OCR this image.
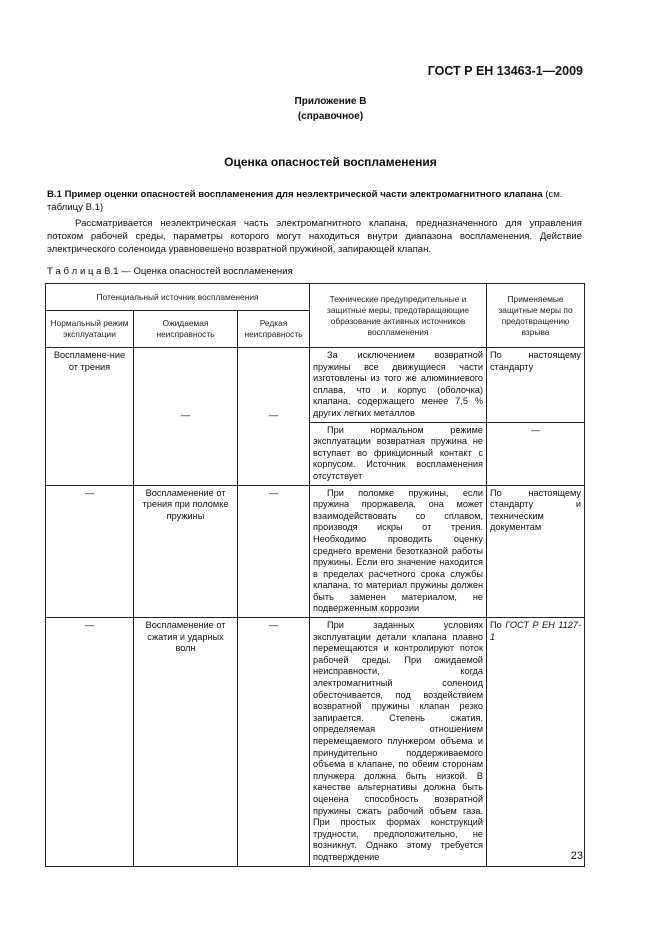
ГОСТ Р ЕН 13463-1—2009
Приложение В
(справочное)
Оценка опасностей воспламенения
В.1 Пример оценки опасностей воспламенения для неэлектрической части электромагнитного клапана (см. таблицу В.1)
Рассматривается неэлектрическая часть электромагнитного клапана, предназначенного для управления потоком рабочей среды, параметры которого могут находиться внутри диапазона воспламенения. Действие электрического соленоида уравновешено возвратной пружиной, запирающей клапан.
Т а б л и ц а В.1 — Оценка опасностей воспламенения
Потенциальный источник воспламенения			Технические предупредительные и защитные меры, предотвращающие образование активных источников воспламенения	Применяемые защитные меры по предотвращению взрыва
Нормальный режим эксплуатации	Ожидаемая неисправность	Редкая неисправность		
Воспламене-ние от трения	—	—	За исключением возвратной пружины все движущиеся части изготовлены из того же алюминиевого сплава, что и корпус (оболочка) клапана, содержащего менее 7,5 % других легких металлов	По настоящему стандарту
			При нормальном режиме эксплуатации возвратная пружина не вступает во фрикционный контакт с корпусом. Источник воспламенения отсутствует	—
—	Воспламенение от трения при поломке пружины	—	При поломке пружины, если пружина проржавела, она может взаимодействовать со сплавом, производя искры от трения. Необходимо проводить оценку среднего времени безотказной работы пружины. Если его значение находится в пределах расчетного срока службы клапана, то материал пружины должен быть заменен материалом, не подверженным коррозии	По настоящему стандарту и техническим документам
—	Воспламенение от сжатия и ударных волн	—	При заданных условиях эксплуатации детали клапана плавно перемещаются и контролируют поток рабочей среды. При ожидаемой неисправности, когда электромагнитный соленоид обесточивается, под воздействием возвратной пружины клапан резко запирается. Степень сжатия, определяемая отношением перемещаемого плунжером объема и принудительно поддерживаемого объема в клапане, по обеим сторонам плунжера должна быть низкой. В качестве альтернативы должна быть оценена способность возвратной пружины сжать рабочий объем газа. При простых формах конструкций трудности, предположительно, не возникнут. Однако этому требуется подтверждение	По ГОСТ Р ЕН 1127-1
23
